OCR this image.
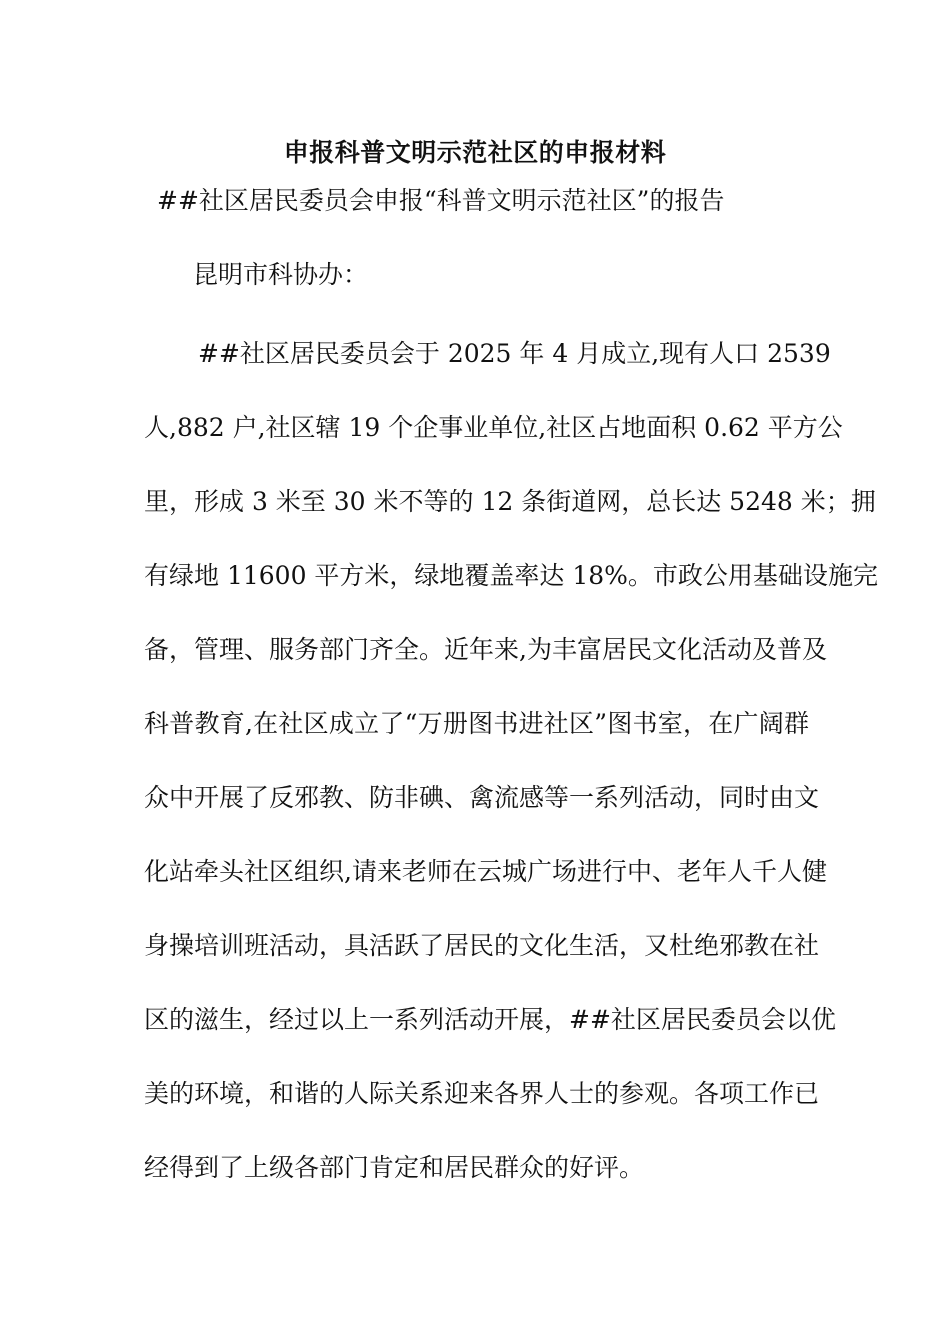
申报科普文明示范社区的申报材料
##社区居民委员会申报“科普文明示范社区”的报告
昆明市科协办：
##社区居民委员会于 2025 年 4 月成立,现有人口 2539
人,882 户,社区辖 19 个企事业单位,社区占地面积 0.62 平方公
里，形成 3 米至 30 米不等的 12 条街道网，总长达 5248 米；拥
有绿地 11600 平方米，绿地覆盖率达 18%。市政公用基础设施完
备，管理、服务部门齐全。近年来,为丰富居民文化活动及普及
科普教育,在社区成立了“万册图书进社区”图书室，在广阔群
众中开展了反邪教、防非碘、禽流感等一系列活动，同时由文
化站牵头社区组织,请来老师在云城广场进行中、老年人千人健
身操培训班活动，具活跃了居民的文化生活，又杜绝邪教在社
区的滋生，经过以上一系列活动开展，##社区居民委员会以优
美的环境，和谐的人际关系迎来各界人士的参观。各项工作已
经得到了上级各部门肯定和居民群众的好评。
